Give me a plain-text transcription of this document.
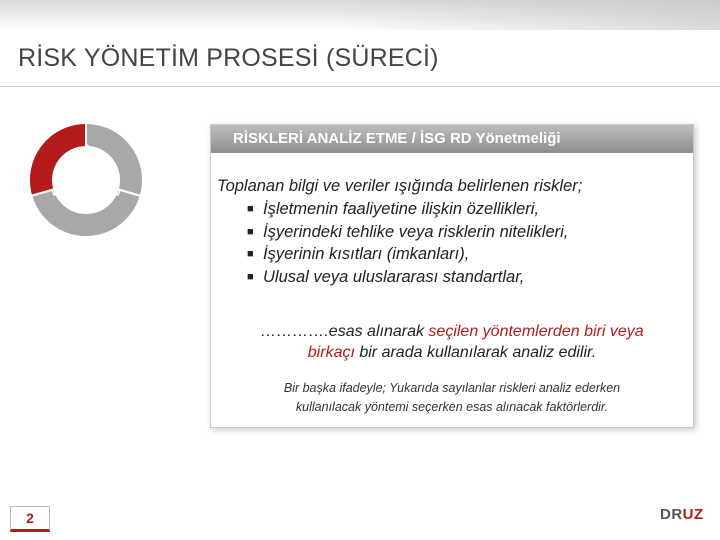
RİSK YÖNETİM PROSESİ (SÜRECİ)
RİSKLERİ ANALİZ ETME / İSG RD Yönetmeliği

Toplanan bilgi ve veriler ışığında belirlenen riskler;

■ İşletmenin faaliyetine ilişkin özellikleri,
■ İşyerindeki tehlike veya risklerin nitelikleri,
■ İşyerinin kısıtları (imkanları),
■ Ulusal veya uluslararası standartlar,

………….esas alınarak seçilen yöntemlerden biri veya
birkaçı bir arada kullanılarak analiz edilir.

Bir başka ifadeyle; Yukarıda sayılanlar riskleri analiz ederken
kullanılacak yöntemi seçerken esas alınacak faktörlerdir.

2	DRUZ
